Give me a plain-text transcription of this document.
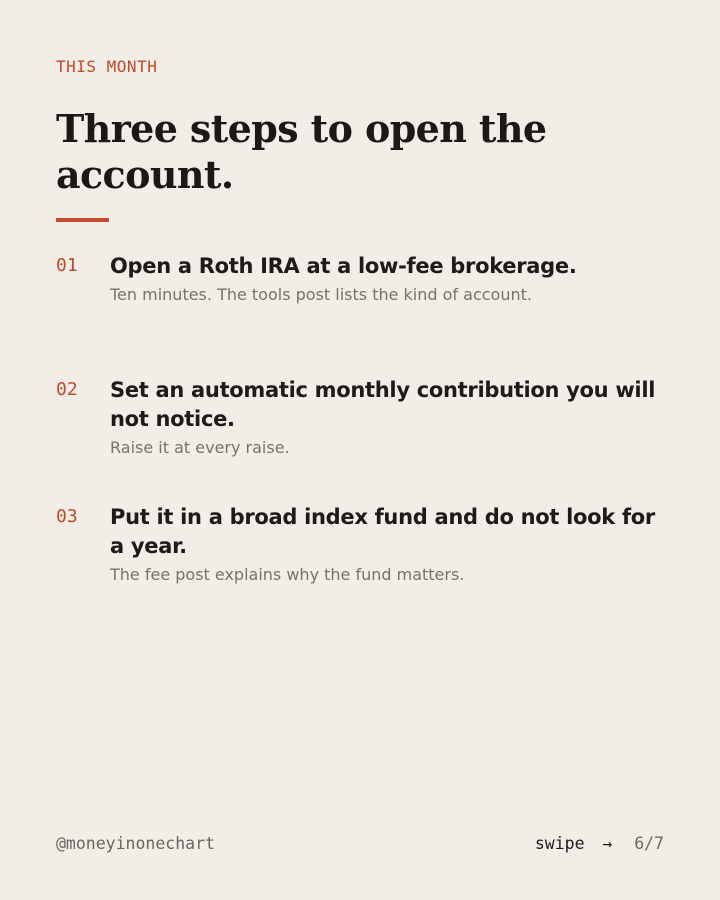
THIS MONTH
Three steps to open the account.
01 Open a Roth IRA at a low-fee brokerage.
Ten minutes. The tools post lists the kind of account.
02 Set an automatic monthly contribution you will not notice.
Raise it at every raise.
03 Put it in a broad index fund and do not look for a year.
The fee post explains why the fund matters.
@moneyinonechart	swipe → 6/7
